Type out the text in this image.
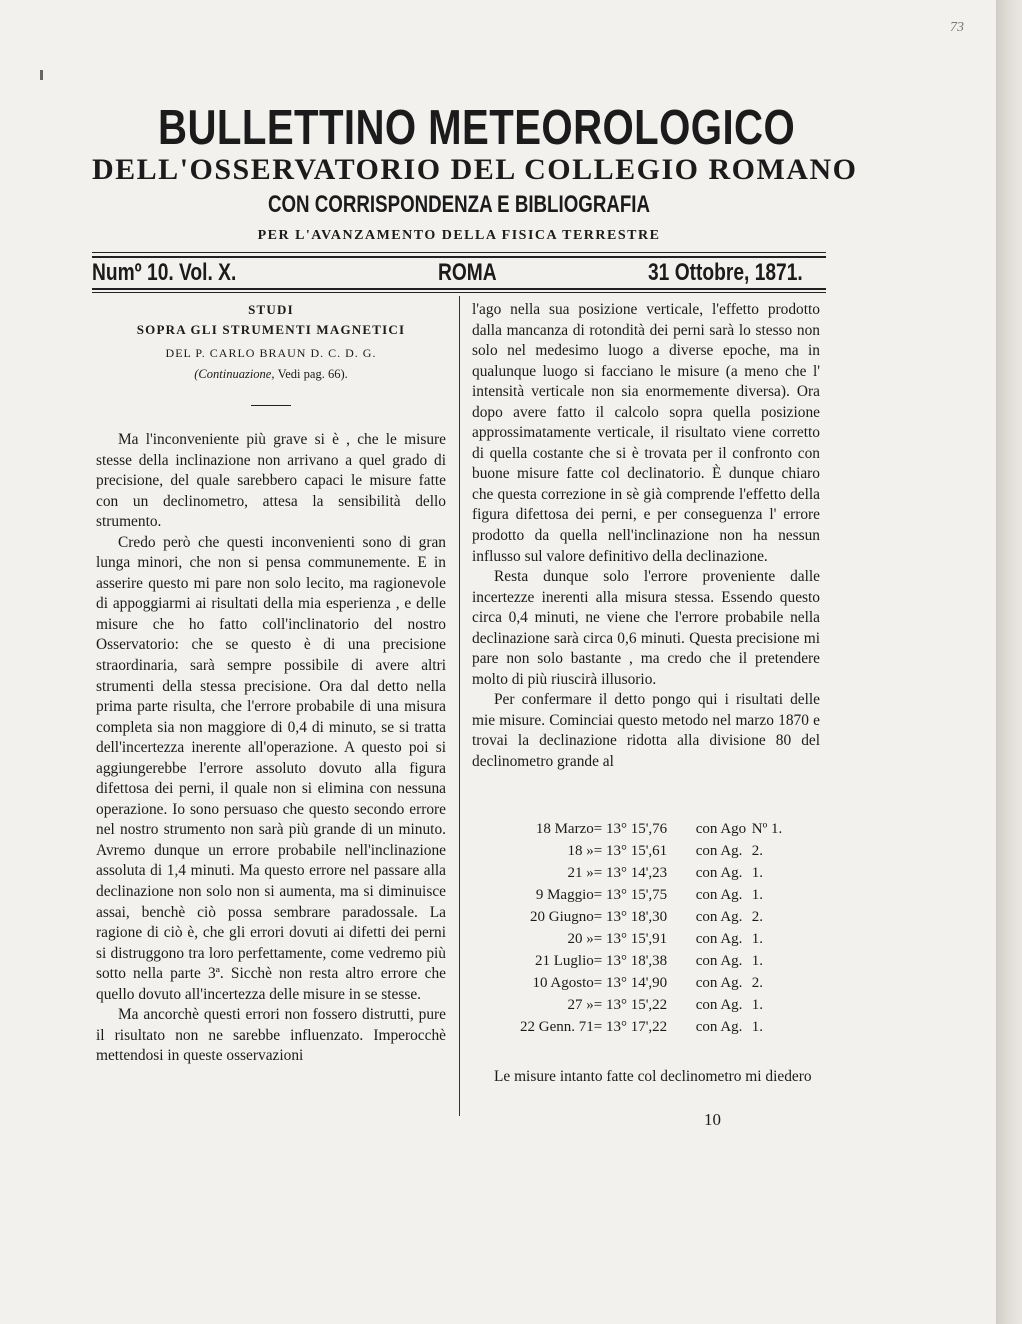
73
BULLETTINO METEOROLOGICO
DELL'OSSERVATORIO DEL COLLEGIO ROMANO
CON CORRISPONDENZA E BIBLIOGRAFIA
PER L'AVANZAMENTO DELLA FISICA TERRESTRE
Numº 10. Vol. X.	ROMA	31 Ottobre, 1871.

STUDI

SOPRA GLI STRUMENTI MAGNETICI

DEL P. CARLO BRAUN D. C. D. G.

(Continuazione, Vedi pag. 66).

Ma l'inconveniente più grave si è , che le misure stesse della inclinazione non arrivano a quel grado di precisione, del quale sarebbero capaci le misure fatte con un declinometro, attesa la sensibilità dello strumento.

Credo però che questi inconvenienti sono di gran lunga minori, che non si pensa communemente. E in asserire questo mi pare non solo lecito, ma ragionevole di appoggiarmi ai risultati della mia esperienza , e delle misure che ho fatto coll'inclinatorio del nostro Osservatorio: che se questo è di una precisione straordinaria, sarà sempre possibile di avere altri strumenti della stessa precisione. Ora dal detto nella prima parte risulta, che l'errore probabile di una misura completa sia non maggiore di 0,4 di minuto, se si tratta dell'incertezza inerente all'operazione. A questo poi si aggiungerebbe l'errore assoluto dovuto alla figura difettosa dei perni, il quale non si elimina con nessuna operazione. Io sono persuaso che questo secondo errore nel nostro strumento non sarà più grande di un minuto. Avremo dunque un errore probabile nell'inclinazione assoluta di 1,4 minuti. Ma questo errore nel passare alla declinazione non solo non si aumenta, ma si diminuisce assai, benchè ciò possa sembrare paradossale. La ragione di ciò è, che gli errori dovuti ai difetti dei perni si distruggono tra loro perfettamente, come vedremo più sotto nella parte 3ª. Sicchè non resta altro errore che quello dovuto all'incertezza delle misure in se stesse.

Ma ancorchè questi errori non fossero distrutti, pure il risultato non ne sarebbe influenzato. Imperocchè mettendosi in queste osservazioni

l'ago nella sua posizione verticale, l'effetto prodotto dalla mancanza di rotondità dei perni sarà lo stesso non solo nel medesimo luogo a diverse epoche, ma in qualunque luogo si facciano le misure (a meno che l' intensità verticale non sia enormemente diversa). Ora dopo avere fatto il calcolo sopra quella posizione approssimatamente verticale, il risultato viene corretto di quella costante che si è trovata per il confronto con buone misure fatte col declinatorio. È dunque chiaro che questa correzione in sè già comprende l'effetto della figura difettosa dei perni, e per conseguenza l' errore prodotto da quella nell'inclinazione non ha nessun influsso sul valore definitivo della declinazione.

Resta dunque solo l'errore proveniente dalle incertezze inerenti alla misura stessa. Essendo questo circa 0,4 minuti, ne viene che l'errore probabile nella declinazione sarà circa 0,6 minuti. Questa precisione mi pare non solo bastante , ma credo che il pretendere molto di più riuscirà illusorio.

Per confermare il detto pongo qui i risultati delle mie misure. Cominciai questo metodo nel marzo 1870 e trovai la declinazione ridotta alla divisione 80 del declinometro grande al

18 Marzo	= 13° 15',76	con Ago	Nº 1.
18 »	= 13° 15',61	con Ag.	2.
21 »	= 13° 14',23	con Ag.	1.
9 Maggio	= 13° 15',75	con Ag.	1.
20 Giugno	= 13° 18',30	con Ag.	2.
20 »	= 13° 15',91	con Ag.	1.
21 Luglio	= 13° 18',38	con Ag.	1.
10 Agosto	= 13° 14',90	con Ag.	2.
27 »	= 13° 15',22	con Ag.	1.
22 Genn. 71	= 13° 17',22	con Ag.	1.

Le misure intanto fatte col declinometro mi diedero

10
